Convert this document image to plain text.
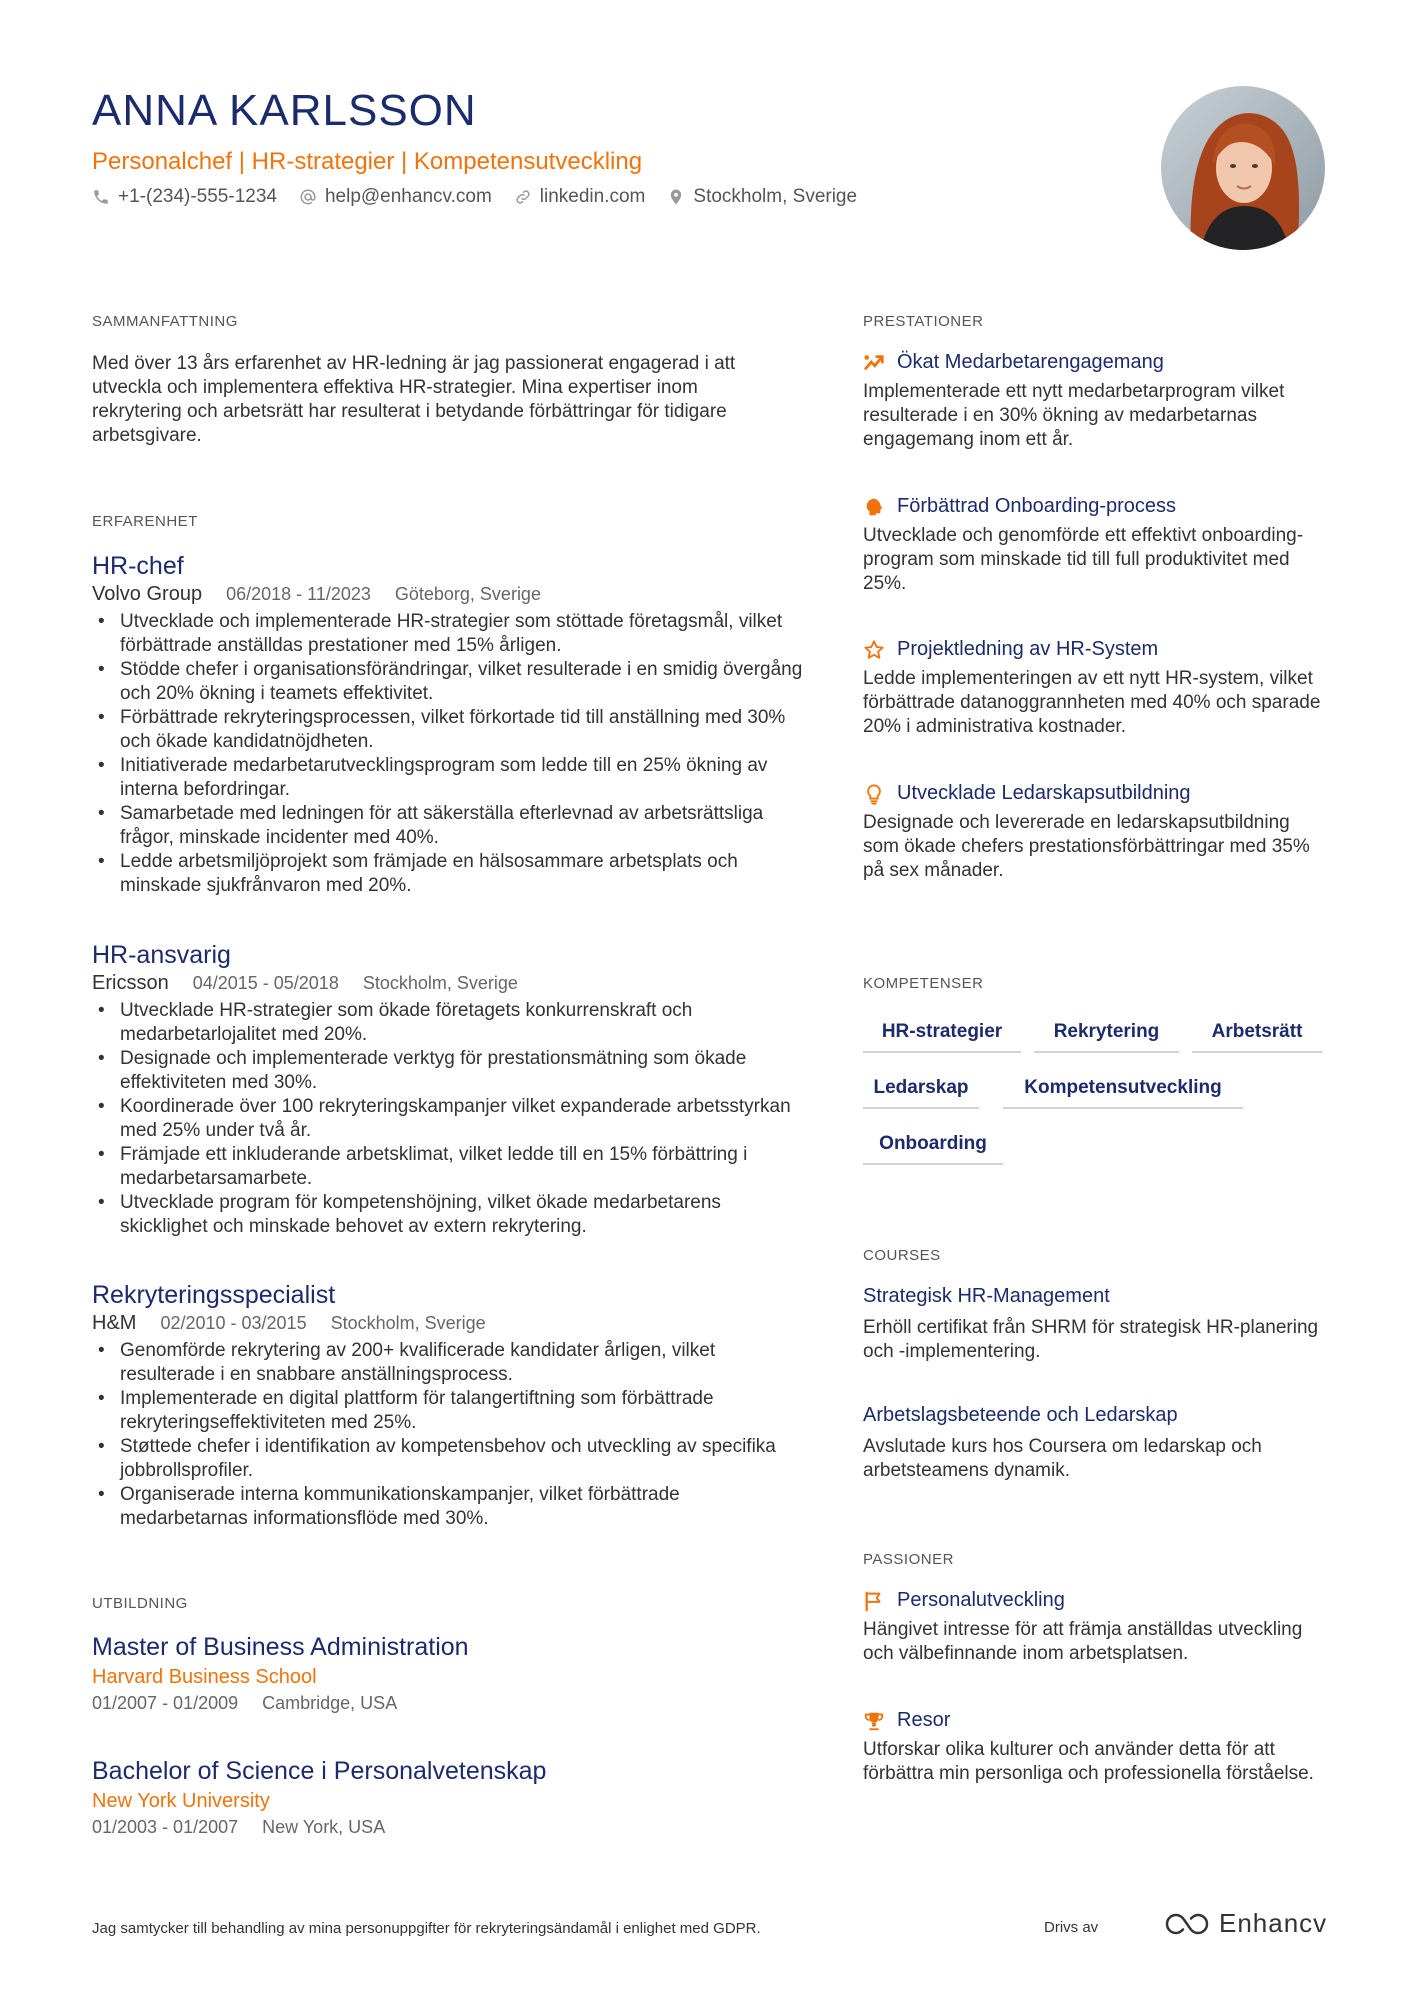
ANNA KARLSSON
Personalchef | HR-strategier | Kompetensutveckling
+1-(234)-555-1234	help@enhancv.com	linkedin.com	Stockholm, Sverige
SAMMANFATTNING

Med över 13 års erfarenhet av HR-ledning är jag passionerat engagerad i att utveckla och implementera effektiva HR-strategier. Mina expertiser inom rekrytering och arbetsrätt har resulterat i betydande förbättringar för tidigare arbetsgivare.

ERFARENHET
HR-chef
Volvo Group 06/2018 - 11/2023 Göteborg, Sverige
• Utvecklade och implementerade HR-strategier som stöttade företagsmål, vilket förbättrade anställdas prestationer med 15% årligen.
• Stödde chefer i organisationsförändringar, vilket resulterade i en smidig övergång och 20% ökning i teamets effektivitet.
• Förbättrade rekryteringsprocessen, vilket förkortade tid till anställning med 30% och ökade kandidatnöjdheten.
• Initiativerade medarbetarutvecklingsprogram som ledde till en 25% ökning av interna befordringar.
• Samarbetade med ledningen för att säkerställa efterlevnad av arbetsrättsliga frågor, minskade incidenter med 40%.
• Ledde arbetsmiljöprojekt som främjade en hälsosammare arbetsplats och minskade sjukfrånvaron med 20%.
HR-ansvarig
Ericsson 04/2015 - 05/2018 Stockholm, Sverige
• Utvecklade HR-strategier som ökade företagets konkurrenskraft och medarbetarlojalitet med 20%.
• Designade och implementerade verktyg för prestationsmätning som ökade effektiviteten med 30%.
• Koordinerade över 100 rekryteringskampanjer vilket expanderade arbetsstyrkan med 25% under två år.
• Främjade ett inkluderande arbetsklimat, vilket ledde till en 15% förbättring i medarbetarsamarbete.
• Utvecklade program för kompetenshöjning, vilket ökade medarbetarens skicklighet och minskade behovet av extern rekrytering.
Rekryteringsspecialist
H&M 02/2010 - 03/2015 Stockholm, Sverige
• Genomförde rekrytering av 200+ kvalificerade kandidater årligen, vilket resulterade i en snabbare anställningsprocess.
• Implementerade en digital plattform för talangertiftning som förbättrade rekryteringseffektiviteten med 25%.
• Støttede chefer i identifikation av kompetensbehov och utveckling av specifika jobbrollsprofiler.
• Organiserade interna kommunikationskampanjer, vilket förbättrade medarbetarnas informationsflöde med 30%.
UTBILDNING
Master of Business Administration
Harvard Business School
01/2007 - 01/2009 Cambridge, USA
Bachelor of Science i Personalvetenskap
New York University
01/2003 - 01/2007 New York, USA
PRESTATIONER
Ökat Medarbetarengagemang
Implementerade ett nytt medarbetarprogram vilket resulterade i en 30% ökning av medarbetarnas engagemang inom ett år.
Förbättrad Onboarding-process
Utvecklade och genomförde ett effektivt onboarding-program som minskade tid till full produktivitet med 25%.
Projektledning av HR-System
Ledde implementeringen av ett nytt HR-system, vilket förbättrade datanoggrannheten med 40% och sparade 20% i administrativa kostnader.
Utvecklade Ledarskapsutbildning
Designade och levererade en ledarskapsutbildning som ökade chefers prestationsförbättringar med 35% på sex månader.
KOMPETENSER
HR-strategier	Rekrytering	Arbetsrätt
Ledarskap	Kompetensutveckling
Onboarding
COURSES
Strategisk HR-Management
Erhöll certifikat från SHRM för strategisk HR-planering och -implementering.
Arbetslagsbeteende och Ledarskap
Avslutade kurs hos Coursera om ledarskap och arbetsteamens dynamik.
PASSIONER
Personalutveckling
Hängivet intresse för att främja anställdas utveckling och välbefinnande inom arbetsplatsen.
Resor
Utforskar olika kulturer och använder detta för att förbättra min personliga och professionella förståelse.
Jag samtycker till behandling av mina personuppgifter för rekryteringsändamål i enlighet med GDPR.	Drivs av	Enhancv
